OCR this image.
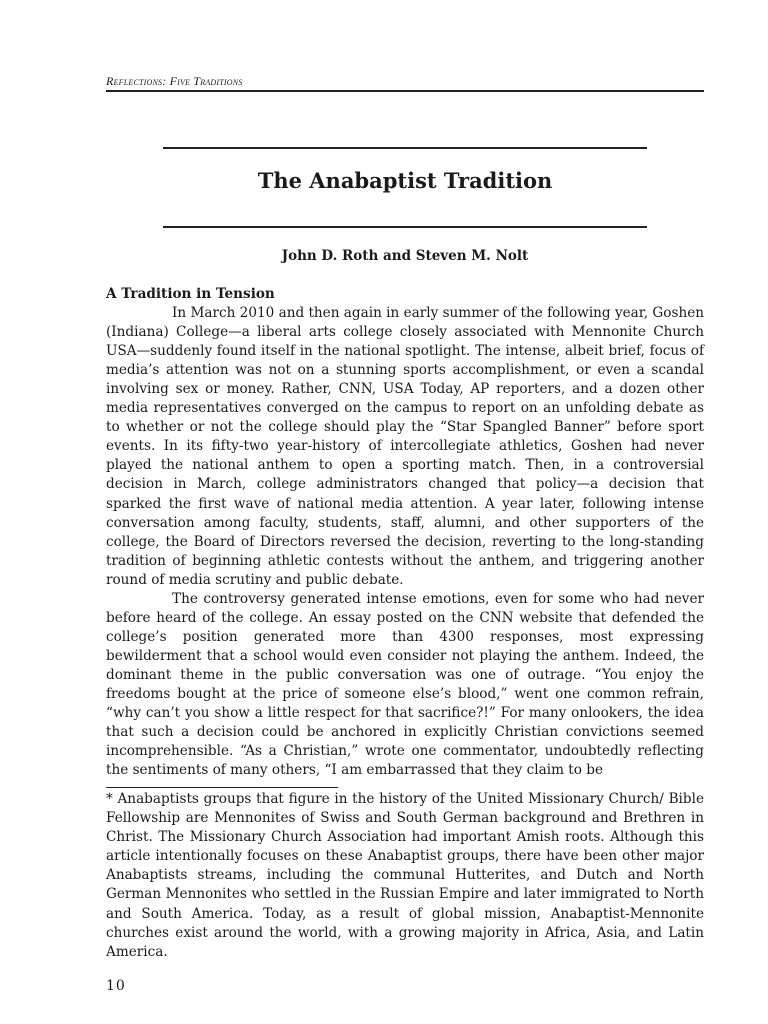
Reflections: Five Traditions
The Anabaptist Tradition
John D. Roth and Steven M. Nolt
A Tradition in Tension

In March 2010 and then again in early summer of the following year, Goshen (Indiana) College—a liberal arts college closely associated with Mennonite Church USA—suddenly found itself in the national spotlight. The intense, albeit brief, focus of media’s attention was not on a stunning sports accomplishment, or even a scandal involving sex or money. Rather, CNN, USA Today, AP reporters, and a dozen other media representatives converged on the campus to report on an unfolding debate as to whether or not the college should play the “Star Spangled Banner” before sport events. In its fifty-two year-history of intercollegiate athletics, Goshen had never played the national anthem to open a sporting match. Then, in a controversial decision in March, college administrators changed that policy—a decision that sparked the first wave of national media attention. A year later, following intense conversation among faculty, students, staff, alumni, and other supporters of the college, the Board of Directors reversed the decision, reverting to the long-standing tradition of beginning athletic contests without the anthem, and triggering another round of media scrutiny and public debate.

The controversy generated intense emotions, even for some who had never before heard of the college. An essay posted on the CNN website that defended the college’s position generated more than 4300 responses, most expressing bewilderment that a school would even consider not playing the anthem. Indeed, the dominant theme in the public conversation was one of outrage. “You enjoy the freedoms bought at the price of someone else’s blood,” went one common refrain, “why can’t you show a little respect for that sacrifice?!” For many onlookers, the idea that such a decision could be anchored in explicitly Christian convictions seemed incomprehensible. “As a Christian,” wrote one commentator, undoubtedly reflecting the sentiments of many others, “I am embarrassed that they claim to be

* Anabaptists groups that figure in the history of the United Missionary Church/ Bible Fellowship are Mennonites of Swiss and South German background and Brethren in Christ. The Missionary Church Association had important Amish roots. Although this article intentionally focuses on these Anabaptist groups, there have been other major Anabaptists streams, including the communal Hutterites, and Dutch and North German Mennonites who settled in the Russian Empire and later immigrated to North and South America. Today, as a result of global mission, Anabaptist-Mennonite churches exist around the world, with a growing majority in Africa, Asia, and Latin America.
10
